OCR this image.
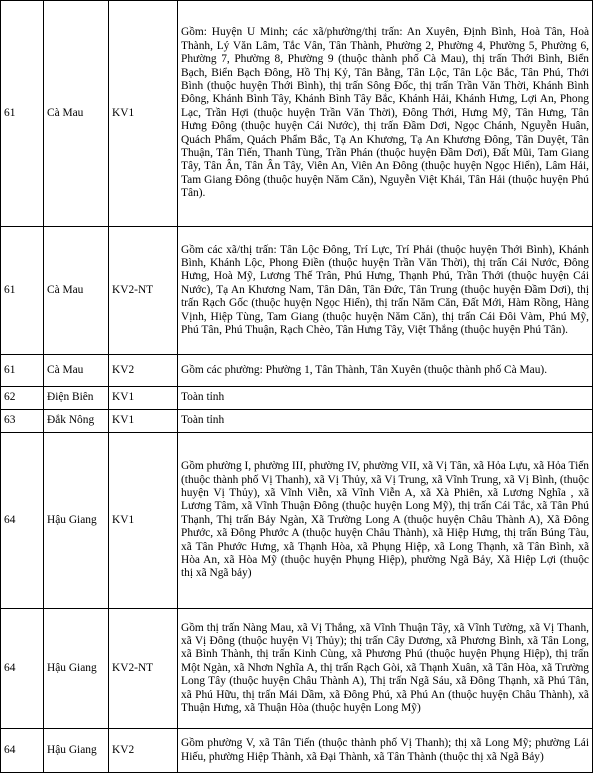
61	Cà Mau	KV1	Gồm: Huyện U Minh; các xã/phường/thị trấn: An Xuyên, Định Bình, Hoà Tân, Hoà Thành, Lý Văn Lâm, Tắc Vân, Tân Thành, Phường 2, Phường 4, Phường 5, Phường 6, Phường 7, Phường 8, Phường 9 (thuộc thành phố Cà Mau), thị trấn Thới Bình, Biển Bạch, Biển Bạch Đông, Hồ Thị Kỷ, Tân Bằng, Tân Lộc, Tân Lộc Bắc, Tân Phú, Thới Bình (thuộc huyện Thới Bình), thị trấn Sông Đốc, thị trấn Trần Văn Thời, Khánh Bình Đông, Khánh Bình Tây, Khánh Bình Tây Bắc, Khánh Hải, Khánh Hưng, Lợi An, Phong Lạc, Trần Hợi (thuộc huyện Trần Văn Thời), Đông Thới, Hưng Mỹ, Tân Hưng, Tân Hưng Đông (thuộc huyện Cái Nước), thị trấn Đầm Dơi, Ngọc Chánh, Nguyễn Huân, Quách Phẩm, Quách Phẩm Bắc, Tạ An Khương, Tạ An Khương Đông, Tân Duyệt, Tân Thuận, Tân Tiến, Thanh Tùng, Trần Phán (thuộc huyện Đầm Dơi), Đất Mũi, Tam Giang Tây, Tân Ân, Tân Ân Tây, Viên An, Viên An Đông (thuộc huyện Ngọc Hiển), Lâm Hải, Tam Giang Đông (thuộc huyện Năm Căn), Nguyễn Việt Khái, Tân Hải (thuộc huyện Phú Tân).
61	Cà Mau	KV2-NT	Gồm các xã/thị trấn: Tân Lộc Đông, Trí Lực, Trí Phải (thuộc huyện Thới Bình), Khánh Bình, Khánh Lộc, Phong Điền (thuộc huyện Trần Văn Thời), thị trấn Cái Nước, Đông Hưng, Hoà Mỹ, Lương Thế Trân, Phú Hưng, Thạnh Phú, Trần Thới (thuộc huyện Cái Nước), Tạ An Khương Nam, Tân Dân, Tân Đức, Tân Trung (thuộc huyện Đầm Dơi), thị trấn Rạch Gốc (thuộc huyện Ngọc Hiển), thị trấn Năm Căn, Đất Mới, Hàm Rồng, Hàng Vịnh, Hiệp Tùng, Tam Giang (thuộc huyện Năm Căn), thị trấn Cái Đôi Vàm, Phú Mỹ, Phú Tân, Phú Thuận, Rạch Chèo, Tân Hưng Tây, Việt Thắng (thuộc huyện Phú Tân).
61	Cà Mau	KV2	Gồm các phường: Phường 1, Tân Thành, Tân Xuyên (thuộc thành phố Cà Mau).
62	Điện Biên	KV1	Toàn tỉnh
63	Đắk Nông	KV1	Toàn tỉnh
64	Hậu Giang	KV1	Gồm phường I, phường III, phường IV, phường VII, xã Vị Tân, xã Hỏa Lựu, xã Hỏa Tiến (thuộc thành phố Vị Thanh), xã Vị Thủy, xã Vị Trung, xã Vĩnh Trung, xã Vị Bình, (thuộc huyện Vị Thủy), xã Vĩnh Viễn, xã Vĩnh Viễn A, xã Xà Phiên, xã Lương Nghĩa , xã Lương Tâm, xã Vĩnh Thuận Đông (thuộc huyện Long Mỹ), thị trấn Cái Tắc, xã Tân Phú Thạnh, Thị trấn Bảy Ngàn, Xã Trường Long A (thuộc huyện Châu Thành A), Xã Đông Phước, xã Đông Phước A (thuộc huyện Châu Thành), xã Hiệp Hưng, thị trấn Búng Tàu, xã Tân Phước Hưng, xã Thạnh Hòa, xã Phụng Hiệp, xã Long Thạnh, xã Tân Bình, xã Hòa An, xã Hòa Mỹ (thuộc huyện Phụng Hiệp), phường Ngã Bảy, Xã Hiệp Lợi (thuộc thị xã Ngã bảy)
64	Hậu Giang	KV2-NT	Gồm thị trấn Nàng Mau, xã Vị Thắng, xã Vĩnh Thuận Tây, xã Vĩnh Tường, xã Vị Thanh, xã Vị Đông (thuộc huyện Vị Thủy); thị trấn Cây Dương, xã Phương Bình, xã Tân Long, xã Bình Thành, thị trấn Kinh Cùng, xã Phương Phú (thuộc huyện Phụng Hiệp), thị trấn Một Ngàn, xã Nhơn Nghĩa A, thị trấn Rạch Gòi, xã Thạnh Xuân, xã Tân Hòa, xã Trường Long Tây (thuộc huyện Châu Thành A), Thị trấn Ngã Sáu, xã Đông Thạnh, xã Phú Tân, xã Phú Hữu, thị trấn Mái Dầm, xã Đông Phú, xã Phú An (thuộc huyện Châu Thành), xã Thuận Hưng, xã Thuận Hòa (thuộc huyện Long Mỹ)
64	Hậu Giang	KV2	Gồm phường V, xã Tân Tiến (thuộc thành phố Vị Thanh); thị xã Long Mỹ; phường Lái Hiếu, phường Hiệp Thành, xã Đại Thành, xã Tân Thành (thuộc thị xã Ngã Bảy)
